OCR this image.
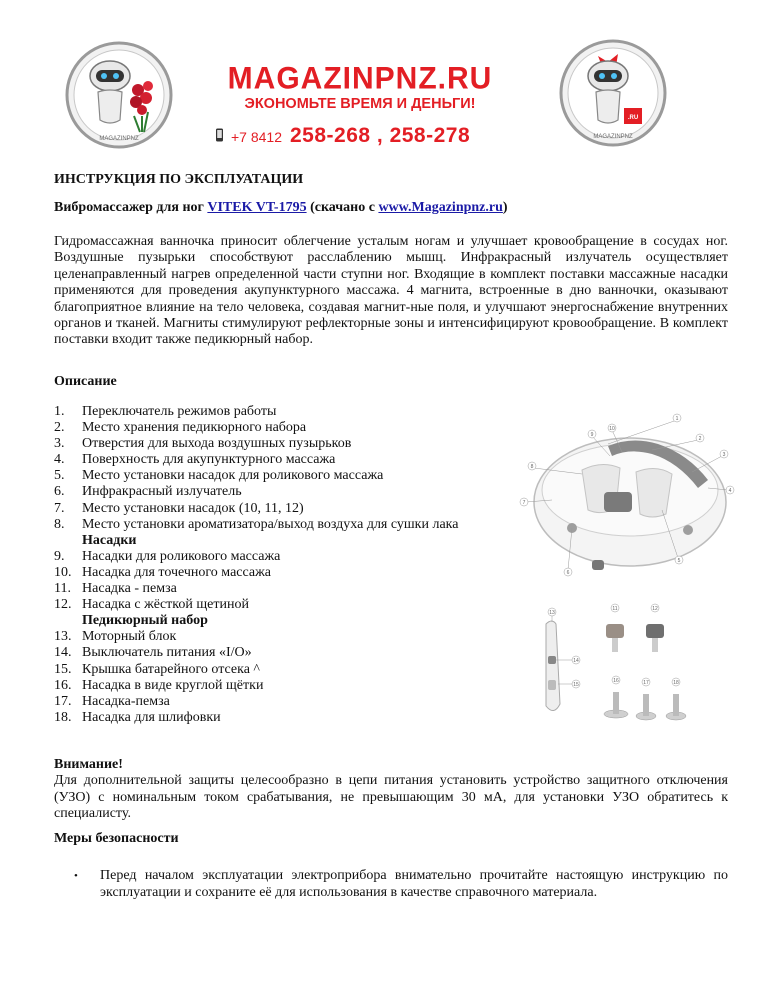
MAGAZINPNZ
MAGAZINPNZ.RU
ЭКОНОМЬТЕ ВРЕМЯ И ДЕНЬГИ!
+7 8412 258-268 , 258-278
.RU
MAGAZINPNZ
ИНСТРУКЦИЯ ПО ЭКСПЛУАТАЦИИ
Вибромассажер для ног VITEK VT-1795 (скачано с www.Magazinpnz.ru)
Гидромассажная ванночка приносит облегчение усталым ногам и улучшает кровообращение в сосудах ног. Воздушные пузырьки способствуют расслаблению мышц. Инфракрасный излучатель осуществляет целенаправленный нагрев определенной части ступни ног. Входящие в комплект поставки массажные насадки применяются для проведения акупунктурного массажа. 4 магнита, встроенные в дно ванночки, оказывают благоприятное влияние на тело человека, создавая магнит-ные поля, и улучшают энергоснабжение внутренних органов и тканей. Магниты стимулируют рефлекторные зоны и интенсифицируют кровообращение. В комплект поставки входит также педикюрный набор.
Описание
1.	Переключатель режимов работы
2.	Место хранения педикюрного набора
3.	Отверстия для выхода воздушных пузырьков
4.	Поверхность для акупунктурного массажа
5.	Место установки насадок для роликового массажа
6.	Инфракрасный излучатель
7.	Место установки насадок (10, 11, 12)
8.	Место установки ароматизатора/выход воздуха для сушки лака
Насадки
9.	Насадки для роликового массажа
10. Насадка для точечного массажа
11. Насадка - пемза
12. Насадка с жёсткой щетиной
Педикюрный набор
13. Моторный блок
14. Выключатель питания «I/O»
15. Крышка батарейного отсека ^
16. Насадка в виде круглой щётки
17. Насадка-пемза
18. Насадка для шлифовки
1
2
3
4
5
6
7
8
9
10
11	12
13
14
15
16	17	18
Внимание!
Для дополнительной защиты целесообразно в цепи питания установить устройство защитного отключения (УЗО) с номинальным током срабатывания, не превышающим 30 мА, для установки УЗО обратитесь к специалисту.
Меры безопасности
•	Перед началом эксплуатации электроприбора внимательно прочитайте настоящую инструкцию по эксплуатации и сохраните её для использования в качестве справочного материала.
